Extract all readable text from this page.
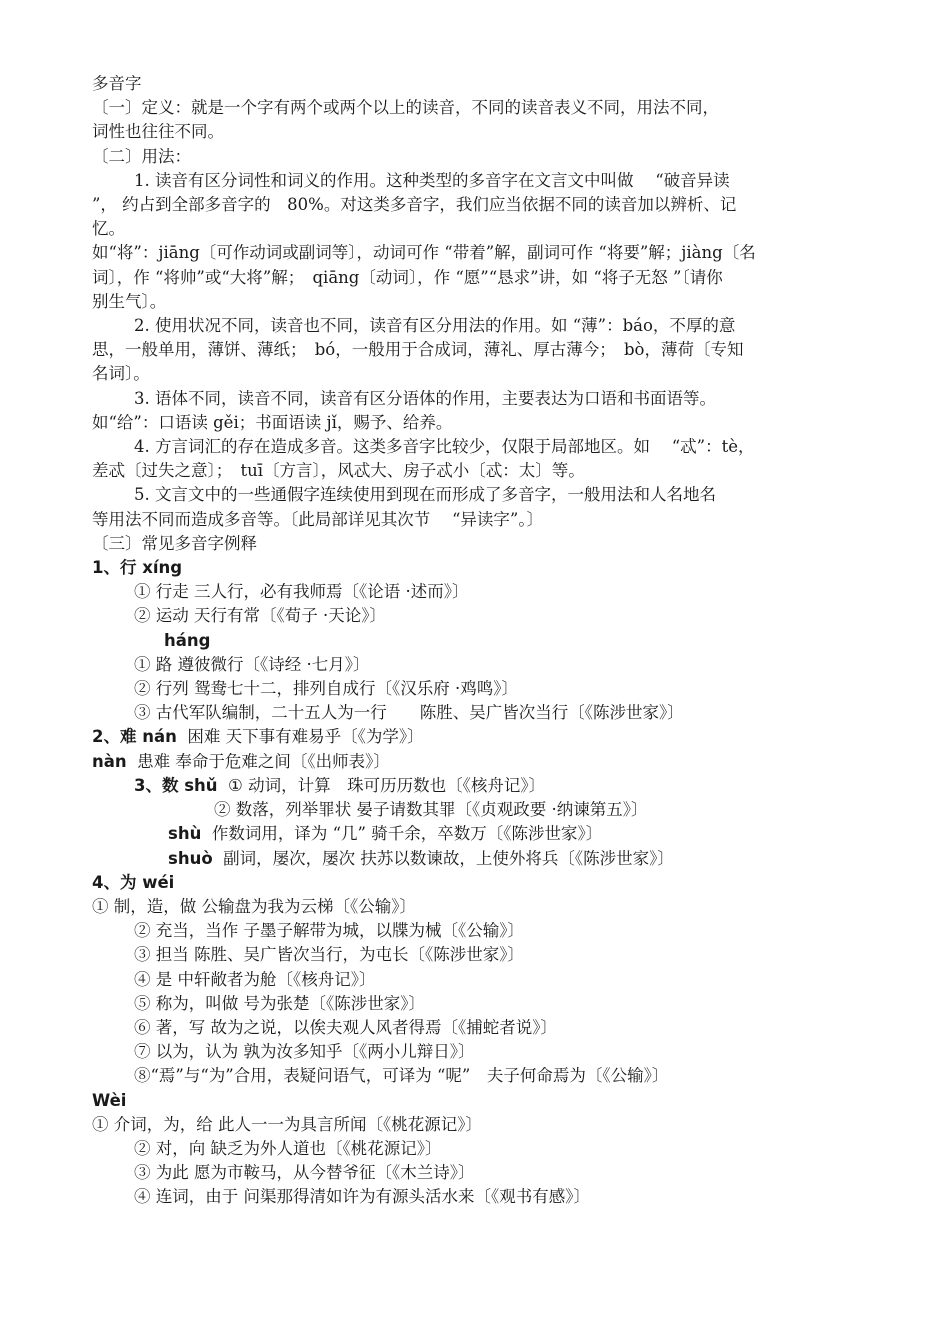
多音字
〔一〕定义：就是一个字有两个或两个以上的读音，不同的读音表义不同，用法不同，
词性也往往不同。
〔二〕用法：
1. 读音有区分词性和词义的作用。这种类型的多音字在文言文中叫做　 “破音异读
”， 约占到全部多音字的　80%。对这类多音字，我们应当依据不同的读音加以辨析、记
忆。
如“将”：jiāng〔可作动词或副词等〕，动词可作 “带着”解，副词可作 “将要”解；jiàng〔名
词〕，作 “将帅”或“大将”解；　qiāng〔动词〕，作 “愿”“恳求”讲，如 “将子无怒 ”〔请你
别生气〕。
2. 使用状况不同，读音也不同，读音有区分用法的作用。如 “薄”：báo，不厚的意
思，一般单用，薄饼、薄纸；　bó，一般用于合成词，薄礼、厚古薄今；　bò，薄荷〔专知
名词〕。
3. 语体不同，读音不同，读音有区分语体的作用，主要表达为口语和书面语等。
如“给”：口语读 gěi；书面语读 jǐ，赐予、给养。
4. 方言词汇的存在造成多音。这类多音字比较少，仅限于局部地区。如　 “忒”：tè，
差忒〔过失之意〕；　tuī〔方言〕，风忒大、房子忒小〔忒：太〕等。
5. 文言文中的一些通假字连续使用到现在而形成了多音字，一般用法和人名地名
等用法不同而造成多音等。〔此局部详见其次节　 “异读字”。〕
〔三〕常见多音字例释
1、行 xíng
① 行走 三人行，必有我师焉〔《论语 ·述而》〕
② 运动 天行有常〔《荀子 ·天论》〕
háng
① 路 遵彼微行〔《诗经 ·七月》〕
② 行列 鸳鸯七十二，排列自成行〔《汉乐府 ·鸡鸣》〕
③ 古代军队编制，二十五人为一行　　陈胜、吴广皆次当行〔《陈涉世家》〕
2、难 nán 困难 天下事有难易乎〔《为学》〕
nàn 患难 奉命于危难之间〔《出师表》〕
3、数 shǔ ① 动词，计算　珠可历历数也〔《核舟记》〕
② 数落，列举罪状 晏子请数其罪〔《贞观政要 ·纳谏第五》〕
shù 作数词用，译为 “几” 骑千余，卒数万〔《陈涉世家》〕
shuò 副词，屡次，屡次 扶苏以数谏故，上使外将兵〔《陈涉世家》〕
4、为 wéi
① 制，造，做 公输盘为我为云梯〔《公输》〕
② 充当，当作 子墨子解带为城，以牒为械〔《公输》〕
③ 担当 陈胜、吴广皆次当行，为屯长〔《陈涉世家》〕
④ 是 中轩敞者为舱〔《核舟记》〕
⑤ 称为，叫做 号为张楚〔《陈涉世家》〕
⑥ 著，写 故为之说，以俟夫观人风者得焉〔《捕蛇者说》〕
⑦ 以为，认为 孰为汝多知乎〔《两小儿辩日》〕
⑧“焉”与“为”合用，表疑问语气，可译为 “呢”　夫子何命焉为〔《公输》〕
Wèi
① 介词，为，给 此人一一为具言所闻〔《桃花源记》〕
② 对，向 缺乏为外人道也〔《桃花源记》〕
③ 为此 愿为市鞍马，从今替爷征〔《木兰诗》〕
④ 连词，由于 问渠那得清如许为有源头活水来〔《观书有感》〕
